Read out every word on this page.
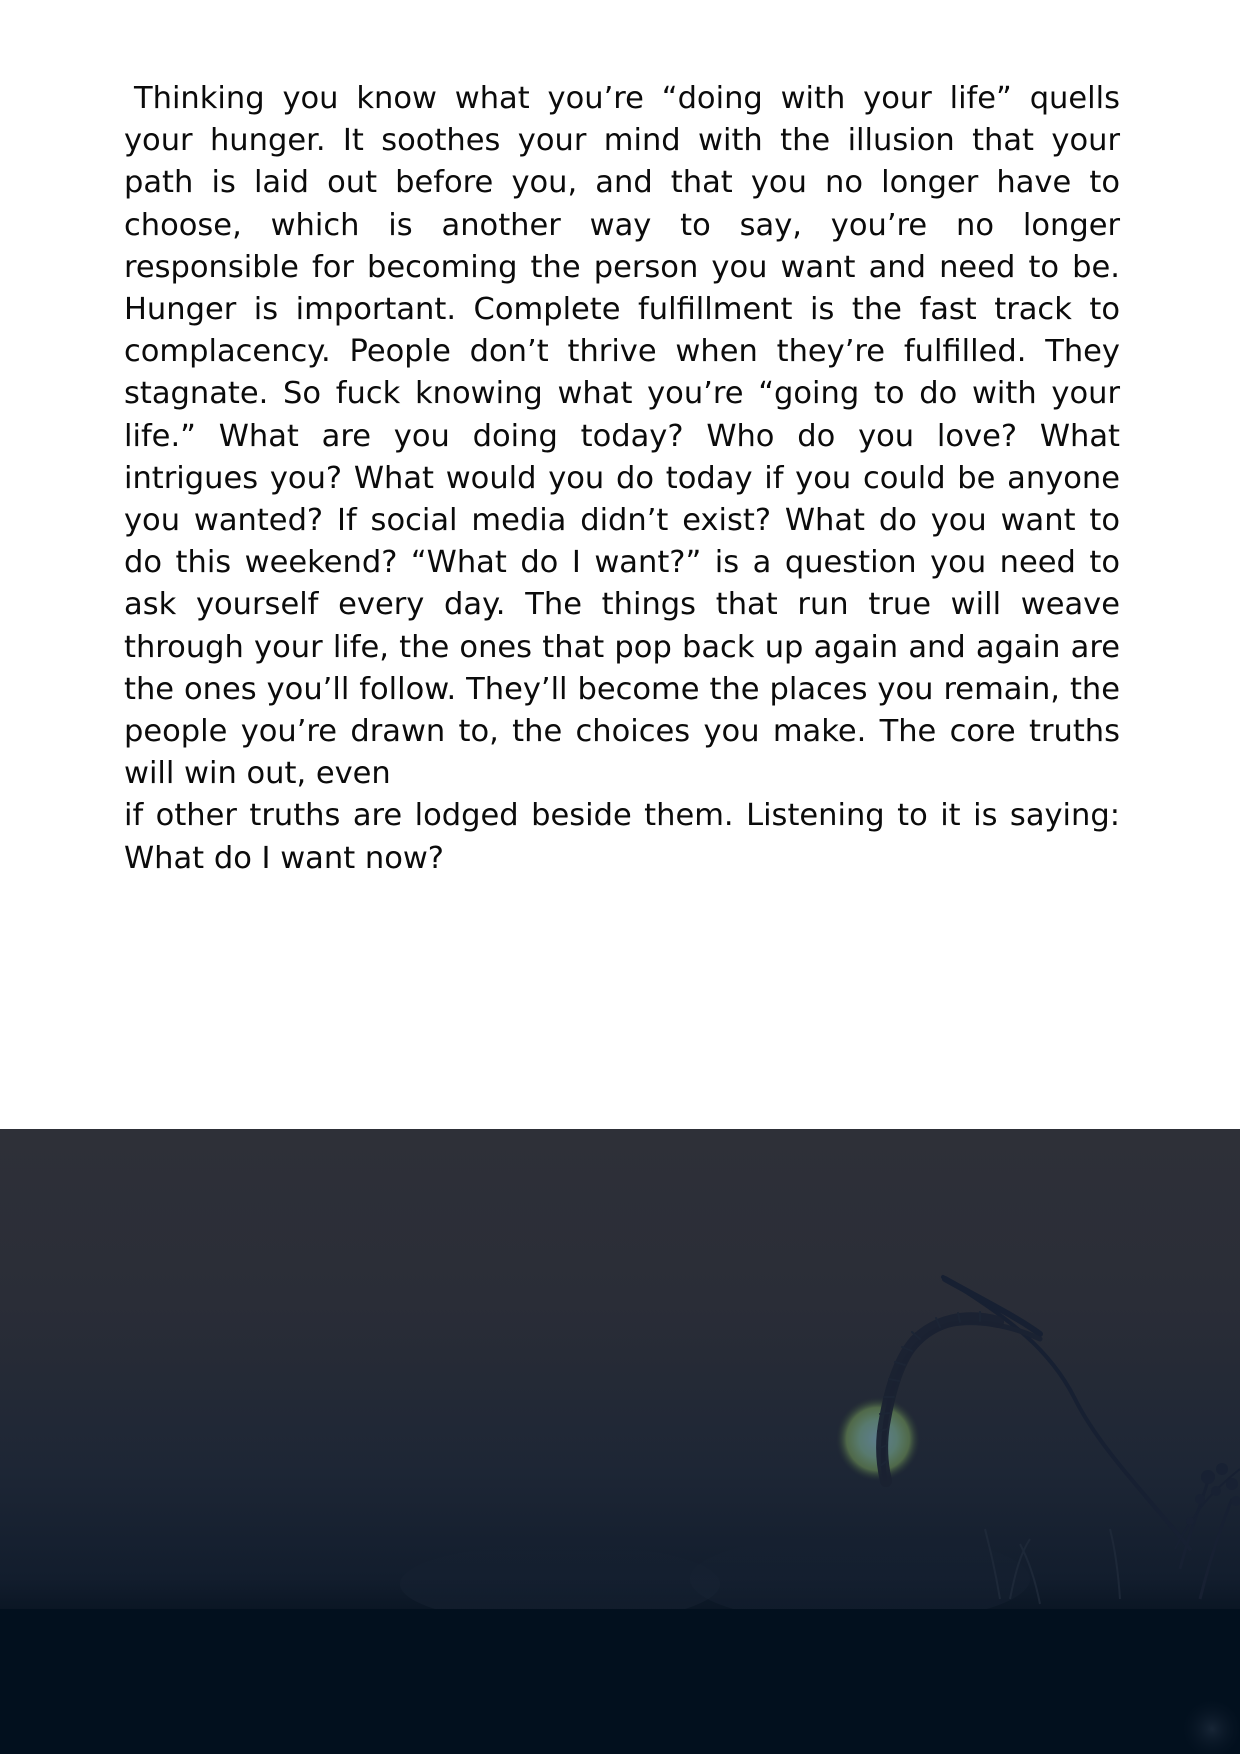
Thinking you know what you’re “doing with your life” quells your hunger. It soothes your mind with the illusion that your path is laid out before you, and that you no longer have to choose, which is another way to say, you’re no longer responsible for becoming the person you want and need to be. Hunger is important. Complete fulfillment is the fast track to complacency. People don’t thrive when they’re fulfilled. They stagnate. So fuck knowing what you’re “going to do with your life.” What are you doing today? Who do you love? What intrigues you? What would you do today if you could be anyone you wanted? If social media didn’t exist? What do you want to do this weekend? “What do I want?” is a question you need to ask yourself every day. The things that run true will weave through your life, the ones that pop back up again and again are the ones you’ll follow. They’ll become the places you remain, the people you’re drawn to, the choices you make. The core truths will win out, even

if other truths are lodged beside them. Listening to it is saying: What do I want now?
